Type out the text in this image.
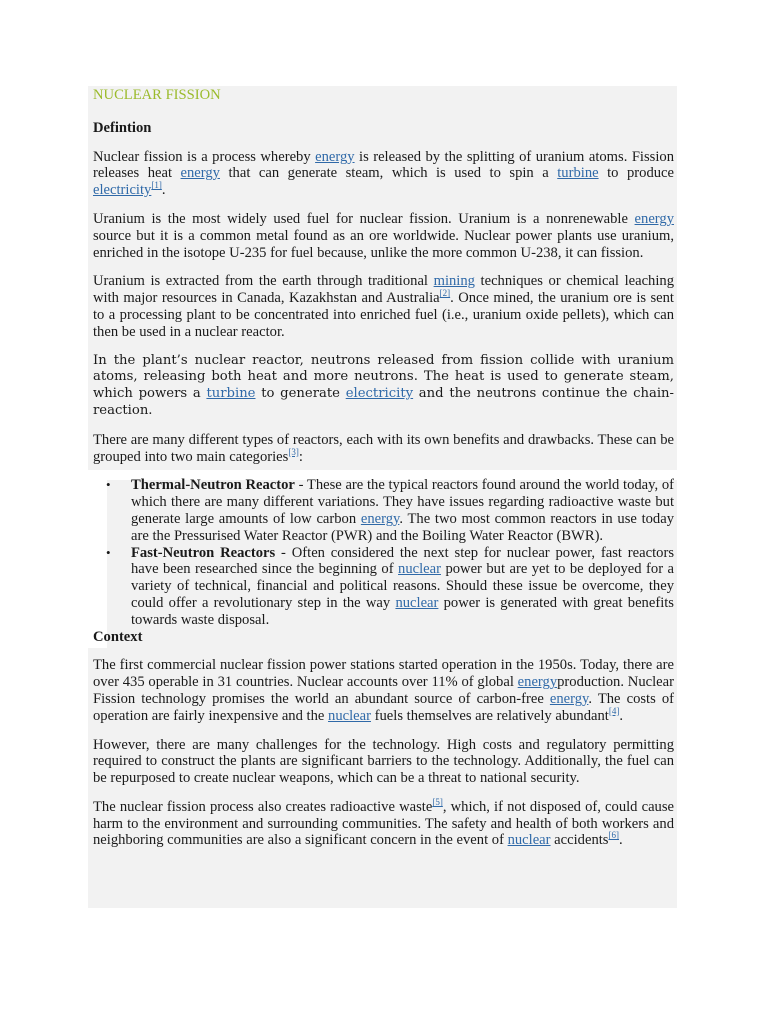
NUCLEAR FISSION

Defintion

Nuclear fission is a process whereby energy is released by the splitting of uranium atoms. Fission releases heat energy that can generate steam, which is used to spin a turbine to produce electricity[1].

Uranium is the most widely used fuel for nuclear fission. Uranium is a nonrenewable energy source but it is a common metal found as an ore worldwide. Nuclear power plants use uranium, enriched in the isotope U-235 for fuel because, unlike the more common U-238, it can fission.

Uranium is extracted from the earth through traditional mining techniques or chemical leaching with major resources in Canada, Kazakhstan and Australia[2]. Once mined, the uranium ore is sent to a processing plant to be concentrated into enriched fuel (i.e., uranium oxide pellets), which can then be used in a nuclear reactor.

In the plant’s nuclear reactor, neutrons released from fission collide with uranium atoms, releasing both heat and more neutrons. The heat is used to generate steam, which powers a turbine to generate electricity and the neutrons continue the chain-reaction.

There are many different types of reactors, each with its own benefits and drawbacks. These can be grouped into two main categories[3]:

• Thermal-Neutron Reactor - These are the typical reactors found around the world today, of which there are many different variations. They have issues regarding radioactive waste but generate large amounts of low carbon energy. The two most common reactors in use today are the Pressurised Water Reactor (PWR) and the Boiling Water Reactor (BWR).
• Fast-Neutron Reactors - Often considered the next step for nuclear power, fast reactors have been researched since the beginning of nuclear power but are yet to be deployed for a variety of technical, financial and political reasons. Should these issue be overcome, they could offer a revolutionary step in the way nuclear power is generated with great benefits towards waste disposal.

Context

The first commercial nuclear fission power stations started operation in the 1950s. Today, there are over 435 operable in 31 countries. Nuclear accounts over 11% of global energyproduction. Nuclear Fission technology promises the world an abundant source of carbon-free energy. The costs of operation are fairly inexpensive and the nuclear fuels themselves are relatively abundant[4].

However, there are many challenges for the technology. High costs and regulatory permitting required to construct the plants are significant barriers to the technology. Additionally, the fuel can be repurposed to create nuclear weapons, which can be a threat to national security.

The nuclear fission process also creates radioactive waste[5], which, if not disposed of, could cause harm to the environment and surrounding communities. The safety and health of both workers and neighboring communities are also a significant concern in the event of nuclear accidents[6].
